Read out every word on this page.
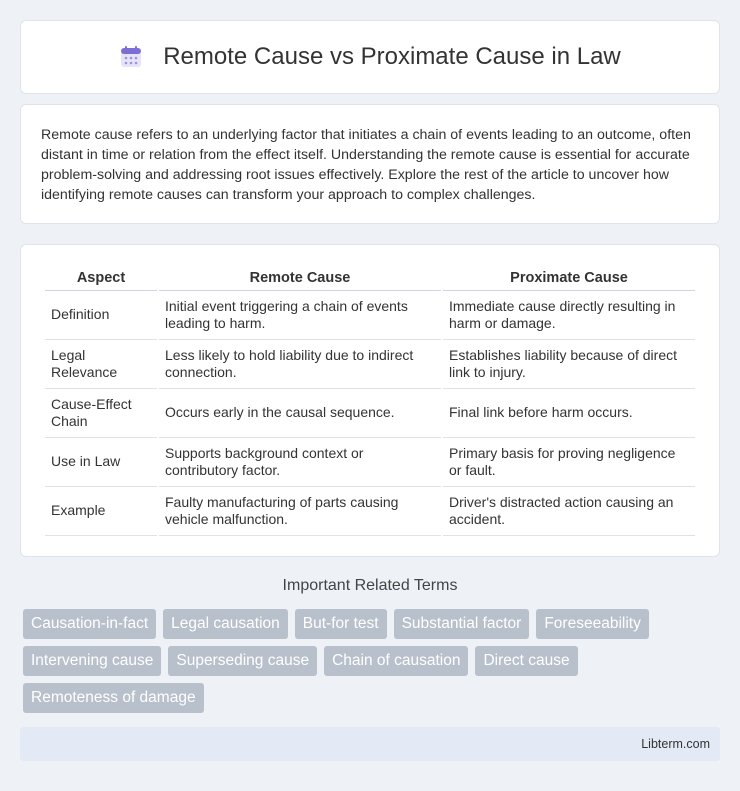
Remote Cause vs Proximate Cause in Law

Remote cause refers to an underlying factor that initiates a chain of events leading to an outcome, often distant in time or relation from the effect itself. Understanding the remote cause is essential for accurate problem-solving and addressing root issues effectively. Explore the rest of the article to uncover how identifying remote causes can transform your approach to complex challenges.

Aspect	Remote Cause	Proximate Cause
Definition	Initial event triggering a chain of events leading to harm.	Immediate cause directly resulting in harm or damage.
Legal Relevance	Less likely to hold liability due to indirect connection.	Establishes liability because of direct link to injury.
Cause-Effect Chain	Occurs early in the causal sequence.	Final link before harm occurs.
Use in Law	Supports background context or contributory factor.	Primary basis for proving negligence or fault.
Example	Faulty manufacturing of parts causing vehicle malfunction.	Driver's distracted action causing an accident.
Important Related Terms
Causation-in-fact	Legal causation	But-for test	Substantial factor	Foreseeability
Intervening cause	Superseding cause	Chain of causation	Direct cause
Remoteness of damage
Libterm.com
